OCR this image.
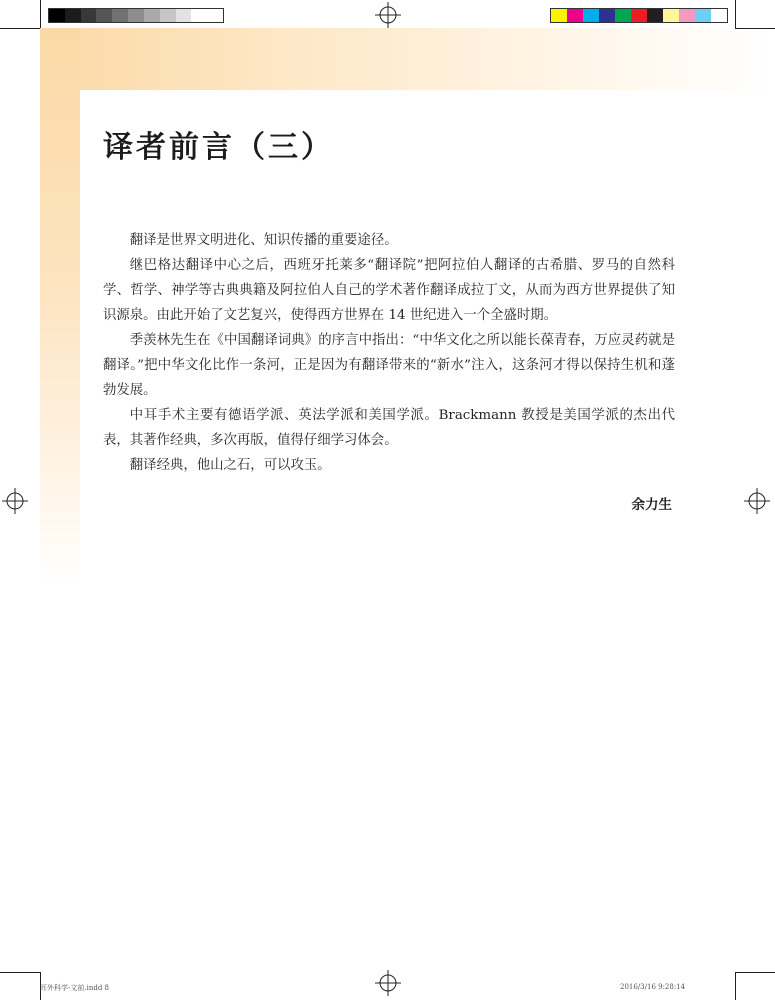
译者前言（三）

翻译是世界文明进化、知识传播的重要途径。

继巴格达翻译中心之后，西班牙托莱多“翻译院”把阿拉伯人翻译的古希腊、罗马的自然科学、哲学、神学等古典典籍及阿拉伯人自己的学术著作翻译成拉丁文，从而为西方世界提供了知识源泉。由此开始了文艺复兴，使得西方世界在 14 世纪进入一个全盛时期。

季羡林先生在《中国翻译词典》的序言中指出：“中华文化之所以能长葆青春，万应灵药就是翻译。”把中华文化比作一条河，正是因为有翻译带来的“新水”注入，这条河才得以保持生机和蓬勃发展。

中耳手术主要有德语学派、英法学派和美国学派。Brackmann 教授是美国学派的杰出代表，其著作经典，多次再版，值得仔细学习体会。

翻译经典，他山之石，可以攻玉。

余力生
耳外科学-文前.indd 8	2016/3/16 9:28:14
